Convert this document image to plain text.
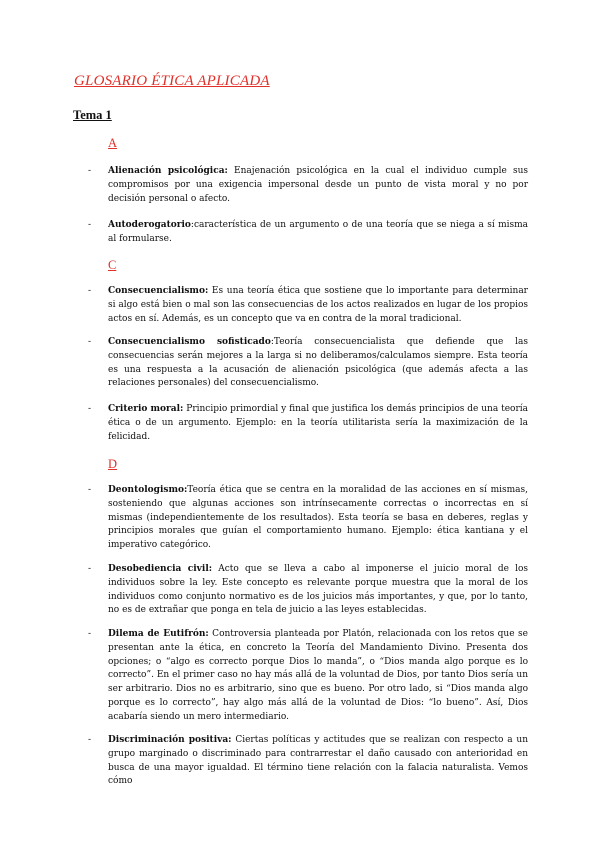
GLOSARIO ÉTICA APLICADA
Tema 1
A
- Alienación psicológica: Enajenación psicológica en la cual el individuo cumple sus compromisos por una exigencia impersonal desde un punto de vista moral y no por decisión personal o afecto.
- Autoderogatorio:característica de un argumento o de una teoría que se niega a sí misma al formularse.
C
- Consecuencialismo: Es una teoría ética que sostiene que lo importante para determinar si algo está bien o mal son las consecuencias de los actos realizados en lugar de los propios actos en sí. Además, es un concepto que va en contra de la moral tradicional.
- Consecuencialismo sofisticado:Teoría consecuencialista que defiende que las consecuencias serán mejores a la larga si no deliberamos/calculamos siempre. Esta teoría es una respuesta a la acusación de alienación psicológica (que además afecta a las relaciones personales) del consecuencialismo.
- Criterio moral: Principio primordial y final que justifica los demás principios de una teoría ética o de un argumento. Ejemplo: en la teoría utilitarista sería la maximización de la felicidad.
D
- Deontologismo:Teoría ética que se centra en la moralidad de las acciones en sí mismas, sosteniendo que algunas acciones son intrínsecamente correctas o incorrectas en sí mismas (independientemente de los resultados). Esta teoría se basa en deberes, reglas y principios morales que guían el comportamiento humano. Ejemplo: ética kantiana y el imperativo categórico.
- Desobediencia civil: Acto que se lleva a cabo al imponerse el juicio moral de los individuos sobre la ley. Este concepto es relevante porque muestra que la moral de los individuos como conjunto normativo es de los juicios más importantes, y que, por lo tanto, no es de extrañar que ponga en tela de juicio a las leyes establecidas.
- Dilema de Eutifrón: Controversia planteada por Platón, relacionada con los retos que se presentan ante la ética, en concreto la Teoría del Mandamiento Divino. Presenta dos opciones; o “algo es correcto porque Dios lo manda”, o “Dios manda algo porque es lo correcto”. En el primer caso no hay más allá de la voluntad de Dios, por tanto Dios sería un ser arbitrario. Dios no es arbitrario, sino que es bueno. Por otro lado, si “Dios manda algo porque es lo correcto”, hay algo más allá de la voluntad de Dios: “lo bueno”. Así, Dios acabaría siendo un mero intermediario.
- Discriminación positiva: Ciertas políticas y actitudes que se realizan con respecto a un grupo marginado o discriminado para contrarrestar el daño causado con anterioridad en busca de una mayor igualdad. El término tiene relación con la falacia naturalista. Vemos cómo
